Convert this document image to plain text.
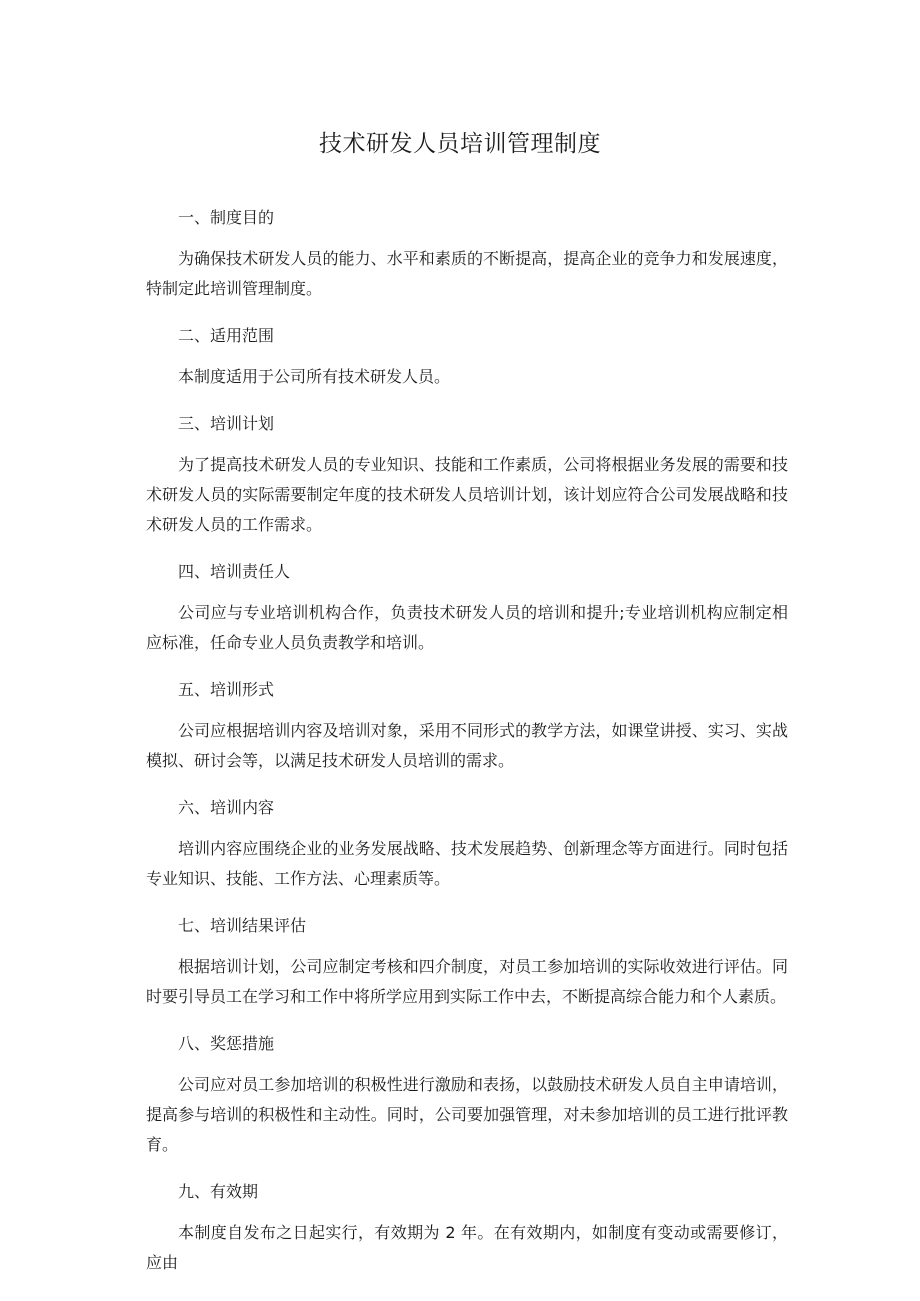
技术研发人员培训管理制度
一、制度目的

为确保技术研发人员的能力、水平和素质的不断提高，提高企业的竞争力和发展速度，特制定此培训管理制度。

二、适用范围

本制度适用于公司所有技术研发人员。

三、培训计划

为了提高技术研发人员的专业知识、技能和工作素质，公司将根据业务发展的需要和技术研发人员的实际需要制定年度的技术研发人员培训计划，该计划应符合公司发展战略和技术研发人员的工作需求。

四、培训责任人

公司应与专业培训机构合作，负责技术研发人员的培训和提升;专业培训机构应制定相应标准，任命专业人员负责教学和培训。

五、培训形式

公司应根据培训内容及培训对象，采用不同形式的教学方法，如课堂讲授、实习、实战模拟、研讨会等，以满足技术研发人员培训的需求。

六、培训内容

培训内容应围绕企业的业务发展战略、技术发展趋势、创新理念等方面进行。同时包括专业知识、技能、工作方法、心理素质等。

七、培训结果评估

根据培训计划，公司应制定考核和四介制度，对员工参加培训的实际收效进行评估。同时要引导员工在学习和工作中将所学应用到实际工作中去，不断提高综合能力和个人素质。

八、奖惩措施

公司应对员工参加培训的积极性进行激励和表扬，以鼓励技术研发人员自主申请培训，提高参与培训的积极性和主动性。同时，公司要加强管理，对未参加培训的员工进行批评教育。

九、有效期

本制度自发布之日起实行，有效期为 2 年。在有效期内，如制度有变动或需要修订，应由
